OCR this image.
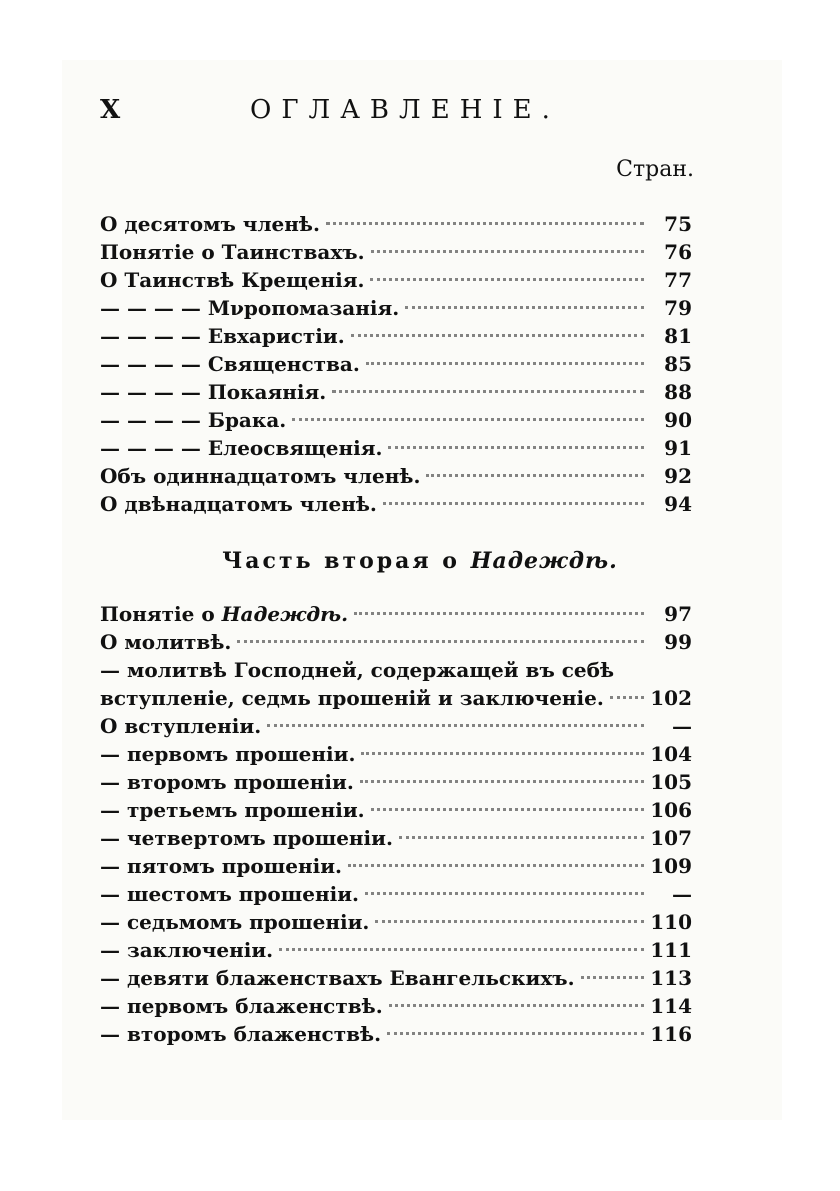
X	ОГЛАВЛЕНІЕ.
Стран.
О десятомъ членѣ.	75
Понятіе о Таинствахъ.	76
О Таинствѣ Крещенія.	77
— — — — Мνропомазанія.	79
— — — — Евхаристіи.	81
— — — — Священства.	85
— — — — Покаянія.	88
— — — — Брака.	90
— — — — Елеосвященія.	91
Объ одиннадцатомъ членѣ.	92
О двѣнадцатомъ членѣ.	94
Часть вторая о Надеждѣ.
Понятіе о Надеждѣ.	97
О молитвѣ.	99
— молитвѣ Господней, содержащей въ себѣ
вступленіе, седмь прошеній и заключеніе. 102
О вступленіи.	—
— первомъ прошеніи.	104
— второмъ прошеніи.	105
— третьемъ прошеніи.	106
— четвертомъ прошеніи.	107
— пятомъ прошеніи.	109
— шестомъ прошеніи.	—
— седьмомъ прошеніи.	110
— заключеніи.	111
— девяти блаженствахъ Евангельскихъ.	113
— первомъ блаженствѣ.	114
— второмъ блаженствѣ.	116
